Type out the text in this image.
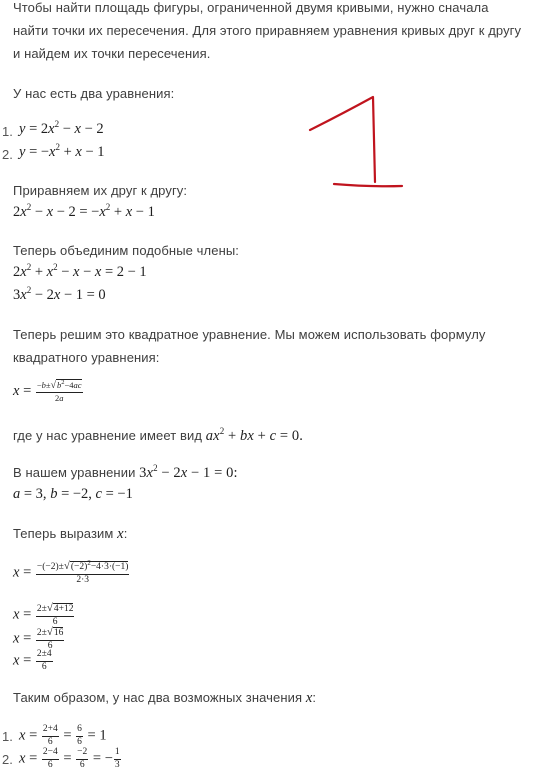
Чтобы найти площадь фигуры, ограниченной двумя кривыми, нужно сначала
найти точки их пересечения. Для этого приравняем уравнения кривых друг к другу
и найдем их точки пересечения.
У нас есть два уравнения:
1. $y = 2x^2 - x - 2$
2. $y = -x^2 + x - 1$
Приравняем их друг к другу:
$2x^2 - x - 2 = -x^2 + x - 1$
Теперь объединим подобные члены:
$2x^2 + x^2 - x - x = 2 - 1$
$3x^2 - 2x - 1 = 0$
Теперь решим это квадратное уравнение. Мы можем использовать формулу
квадратного уравнения:
$x = \frac{-b\pm√b^2-4ac}{2a}$
где у нас уравнение имеет вид $ax^2$ + bx + c = 0.
В нашем уравнении $3x^2 - 2x - 1 = 0$:
a = 3, b = −2, c = −1
Теперь выразим x:
$x = \frac{-(-2)\pm√(-2)^2-4\cdot 3\cdot(-1)}{2\cdot 3}$
$x = \frac{2\pm√4+12}{6}$
$x = \frac{2\pm√16}{6}$
$x = \frac{2\pm 4}{6}$
Таким образом, у нас два возможных значения x:
1. $x = \frac{2+4}{6} = \frac{6}{6} = 1$
2. $x = \frac{2-4}{6} = \frac{-2}{6}$ = − $\frac{1}{3}$
